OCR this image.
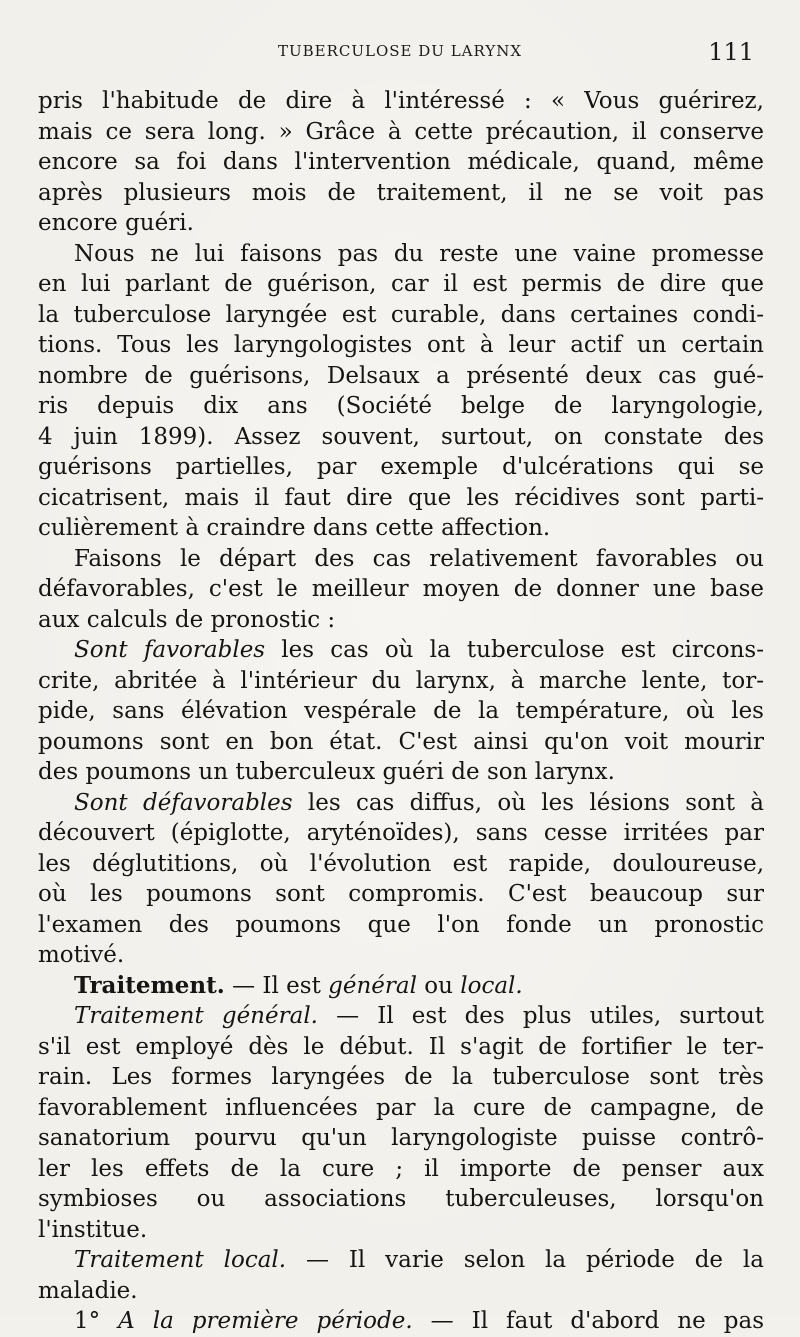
TUBERCULOSE DU LARYNX	111
pris l'habitude de dire à l'intéressé : « Vous guérirez,
mais ce sera long. » Grâce à cette précaution, il conserve
encore sa foi dans l'intervention médicale, quand, même
après plusieurs mois de traitement, il ne se voit pas
encore guéri.
Nous ne lui faisons pas du reste une vaine promesse
en lui parlant de guérison, car il est permis de dire que
la tuberculose laryngée est curable, dans certaines condi-
tions. Tous les laryngologistes ont à leur actif un certain
nombre de guérisons, Delsaux a présenté deux cas gué-
ris depuis dix ans (Société belge de laryngologie,
4 juin 1899). Assez souvent, surtout, on constate des
guérisons partielles, par exemple d'ulcérations qui se
cicatrisent, mais il faut dire que les récidives sont parti-
culièrement à craindre dans cette affection.
Faisons le départ des cas relativement favorables ou
défavorables, c'est le meilleur moyen de donner une base
aux calculs de pronostic :
Sont favorables les cas où la tuberculose est circons-
crite, abritée à l'intérieur du larynx, à marche lente, tor-
pide, sans élévation vespérale de la température, où les
poumons sont en bon état. C'est ainsi qu'on voit mourir
des poumons un tuberculeux guéri de son larynx.
Sont défavorables les cas diffus, où les lésions sont à
découvert (épiglotte, aryténoïdes), sans cesse irritées par
les déglutitions, où l'évolution est rapide, douloureuse,
où les poumons sont compromis. C'est beaucoup sur
l'examen des poumons que l'on fonde un pronostic
motivé.
Traitement. — Il est général ou local.
Traitement général. — Il est des plus utiles, surtout
s'il est employé dès le début. Il s'agit de fortifier le ter-
rain. Les formes laryngées de la tuberculose sont très
favorablement influencées par la cure de campagne, de
sanatorium pourvu qu'un laryngologiste puisse contrô-
ler les effets de la cure ; il importe de penser aux
symbioses ou associations tuberculeuses, lorsqu'on
l'institue.
Traitement local. — Il varie selon la période de la
maladie.
1° A la première période. — Il faut d'abord ne pas
